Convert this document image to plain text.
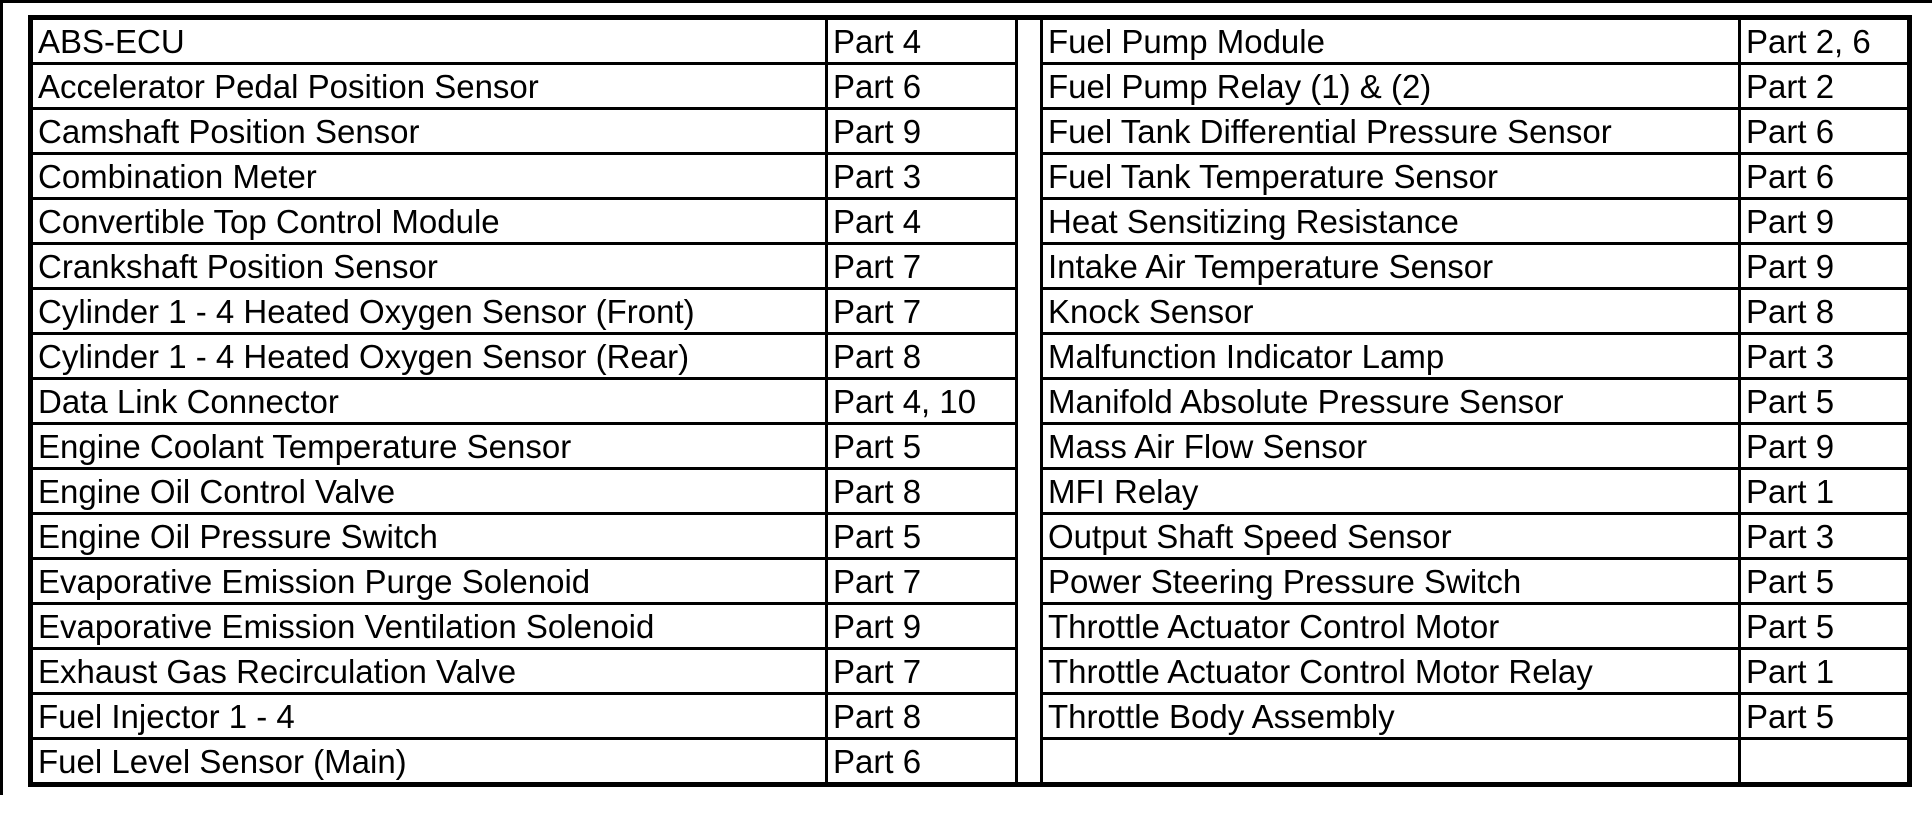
ABS-ECU	Part 4		Fuel Pump Module	Part 2, 6
Accelerator Pedal Position Sensor	Part 6		Fuel Pump Relay (1) & (2)	Part 2
Camshaft Position Sensor	Part 9		Fuel Tank Differential Pressure Sensor	Part 6
Combination Meter	Part 3		Fuel Tank Temperature Sensor	Part 6
Convertible Top Control Module	Part 4		Heat Sensitizing Resistance	Part 9
Crankshaft Position Sensor	Part 7		Intake Air Temperature Sensor	Part 9
Cylinder 1 - 4 Heated Oxygen Sensor (Front)	Part 7		Knock Sensor	Part 8
Cylinder 1 - 4 Heated Oxygen Sensor (Rear)	Part 8		Malfunction Indicator Lamp	Part 3
Data Link Connector	Part 4, 10		Manifold Absolute Pressure Sensor	Part 5
Engine Coolant Temperature Sensor	Part 5		Mass Air Flow Sensor	Part 9
Engine Oil Control Valve	Part 8		MFI Relay	Part 1
Engine Oil Pressure Switch	Part 5		Output Shaft Speed Sensor	Part 3
Evaporative Emission Purge Solenoid	Part 7		Power Steering Pressure Switch	Part 5
Evaporative Emission Ventilation Solenoid	Part 9		Throttle Actuator Control Motor	Part 5
Exhaust Gas Recirculation Valve	Part 7		Throttle Actuator Control Motor Relay	Part 1
Fuel Injector 1 - 4	Part 8		Throttle Body Assembly	Part 5
Fuel Level Sensor (Main)	Part 6			
